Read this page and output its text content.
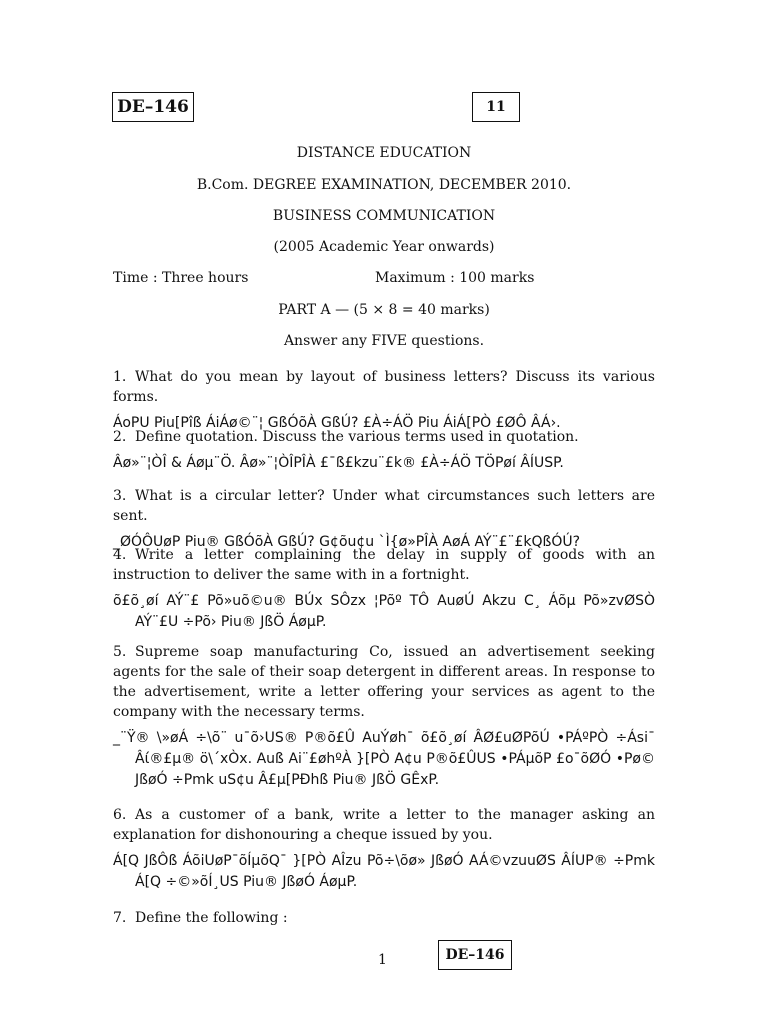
DE–146	11
DISTANCE EDUCATION
B.Com. DEGREE EXAMINATION, DECEMBER 2010.
BUSINESS COMMUNICATION
(2005 Academic Year onwards)
Time : Three hours	Maximum : 100 marks
PART A — (5 × 8 = 40 marks)
Answer any FIVE questions.

1. What do you mean by layout of business letters? Discuss its various forms.

ÁoPU Piu[Pîß ÁiÁø©¨¦ GßÓõÀ GßÚ? £À÷ÁÖ Piu ÁiÁ[PÒ £ØÔ ÂÁ›.

2. Define quotation. Discuss the various terms used in quotation.

Âø»¨¦ÒÎ & Áøµ¨Ö. Âø»¨¦ÒÎPÎÀ £¯ß£kzu¨£k® £À÷ÁÖ TÖPøí ÂÍUSP.

3. What is a circular letter? Under what circumstances such letters are sent.

_ØÓÔUøP Piu® GßÓõÀ GßÚ? G¢õu¢u `Ì{ø»PÎÀ AøÁ AÝ¨£¨£kQßÓÚ?

4. Write a letter complaining the delay in supply of goods with an instruction to deliver the same with in a fortnight.

õ£õ¸øí AÝ¨£ Põ»uõ©u® BÚx SÔzx ¦Põº TÔ AuøÚ Akzu C¸ Áõµ Põ»zvØSÒ AÝ¨£U ÷Põ› Piu® JßÖ ÁøµP.

5. Supreme soap manufacturing Co, issued an advertisement seeking agents for the sale of their soap detergent in different areas. In response to the advertisement, write a letter offering your services as agent to the company with the necessary terms.

_¨Ÿ® \»øÁ ÷\õ¨ u¯õ›US® P®õ£Û AuÝøh¯ õ£õ¸øí ÂØ£uØPõÚ •PÁºPÒ ÷Ási¯ Âί®£µ® ö\´xÒx. Auß Ai¨£øhºÀ }[PÒ A¢u P®õ£ÛUS •PÁµõP £o¯õØÓ •Pø© JßøÓ ÷Pmk uS¢u Â£µ[PÐhß Piu® JßÖ GÊxP.

6. As a customer of a bank, write a letter to the manager asking an explanation for dishonouring a cheque issued by you.

Á[Q JßÔß ÁõiUøP¯õÍµõQ¯ }[PÒ AÎzu Põ÷\õø» JßøÓ AÁ©vzuuØS ÂÍUP® ÷Pmk Á[Q ÷©»õÍ¸US Piu® JßøÓ ÁøµP.

7. Define the following :

1	DE–146
